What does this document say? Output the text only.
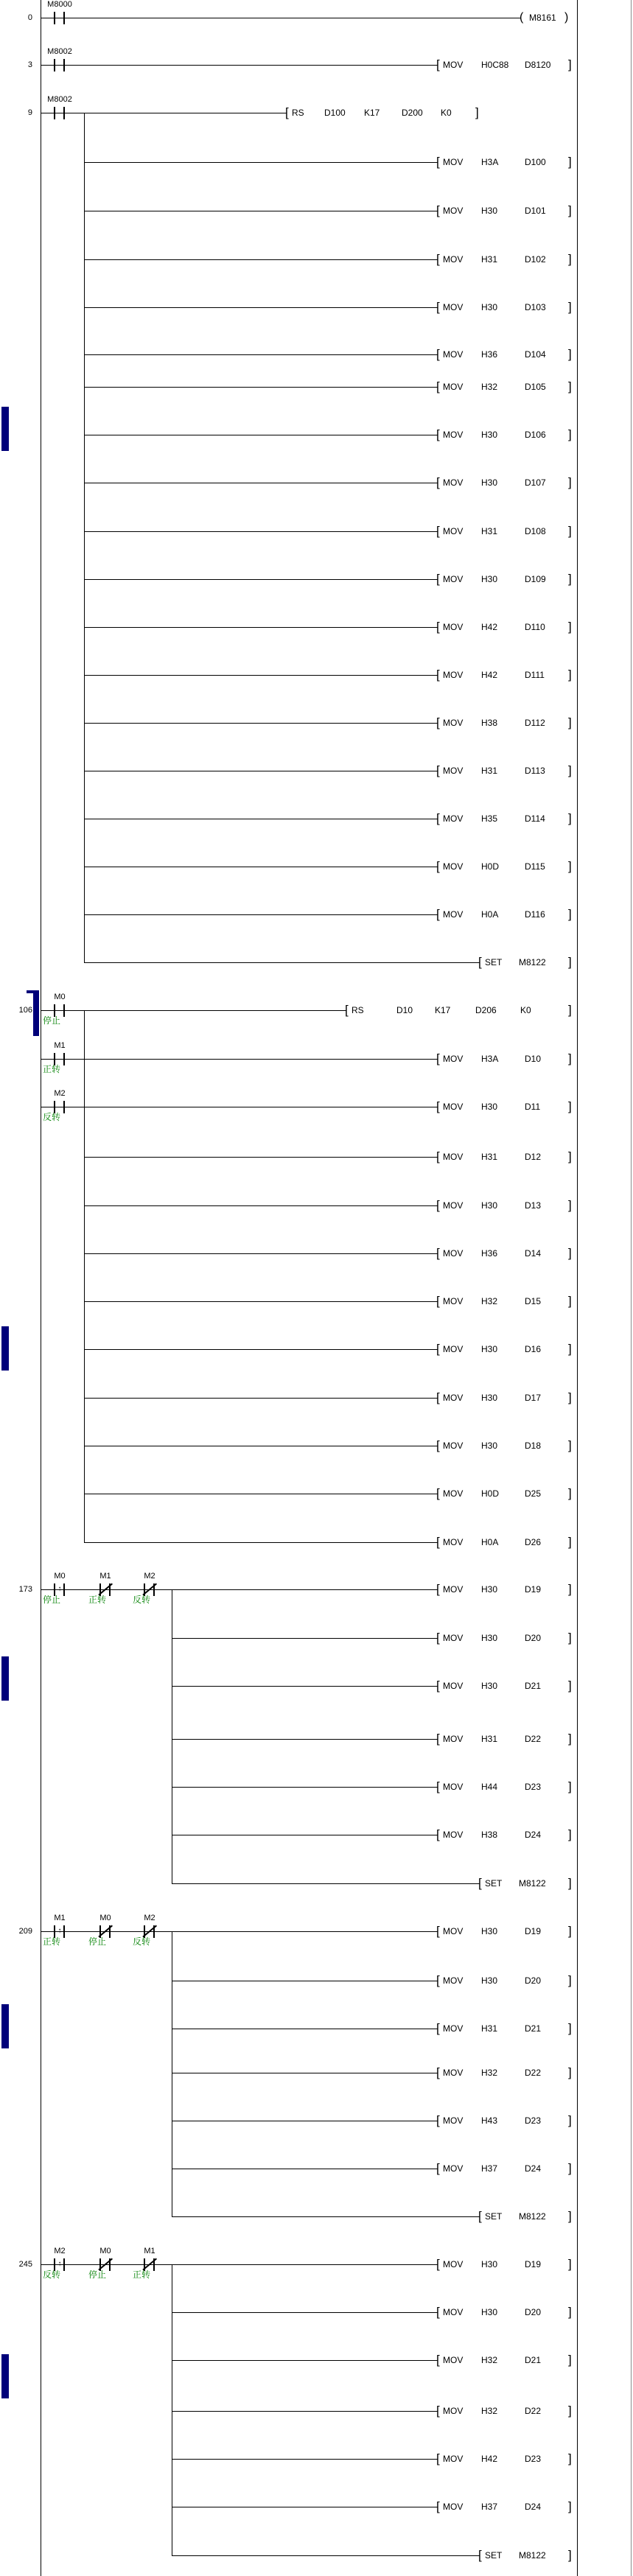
0	( M8161 )
M8000
3	[ MOV H0C88 D8120 ]
M8002
9	[ RS D100 K17 D200 K0 ]
[ MOV H3A	D100 ]
[ MOV H30	D101 ]
[ MOV H31	D102 ]
[ MOV H30	D103 ]
[ MOV H36	D104 ]
[ MOV H32	D105 ]
[ MOV H30	D106 ]
[ MOV H30	D107 ]
[ MOV H31	D108 ]
[ MOV H30	D109 ]
[ MOV H42	D110 ]
[ MOV H42	D111 ]
[ MOV H38	D112 ]
[ MOV H31	D113 ]
[ MOV H35	D114 ]
[ MOV H0D	D115 ]
[ MOV H0A	D116 ]
[ SET M8122 ]
M8002
106	[ RS	D10 K17	D206	K0	]
[ MOV H3A	D10 ]
[ MOV H30	D11 ]
[ MOV H31	D12 ]
[ MOV H30	D13 ]
[ MOV H36	D14 ]
[ MOV H32	D15 ]
[ MOV H30	D16 ]
[ MOV H30	D17 ]
[ MOV H30	D18 ]
[ MOV H0D	D25 ]
[ MOV H0A	D26 ]
M0
停止
M1
正转
M2
反转
173	[ MOV H30	D19 ]
[ MOV H30	D20 ]
[ MOV H30	D21 ]
[ MOV H31	D22 ]
[ MOV H44	D23 ]
[ MOV H38	D24 ]
[ SET M8122 ]
↑
M0
停止
M1
正转
M2
反转
209	[ MOV H30	D19 ]
[ MOV H30	D20 ]
[ MOV H31	D21 ]
[ MOV H32	D22 ]
[ MOV H43	D23 ]
[ MOV H37	D24 ]
[ SET M8122 ]
↑
M1
正转
M0
停止
M2
反转
245	[ MOV H30	D19 ]
[ MOV H30	D20 ]
[ MOV H32	D21 ]
[ MOV H32	D22 ]
[ MOV H42	D23 ]
[ MOV H37	D24 ]
[ SET M8122 ]
↑
M2
反转
M0
停止
M1
正转
